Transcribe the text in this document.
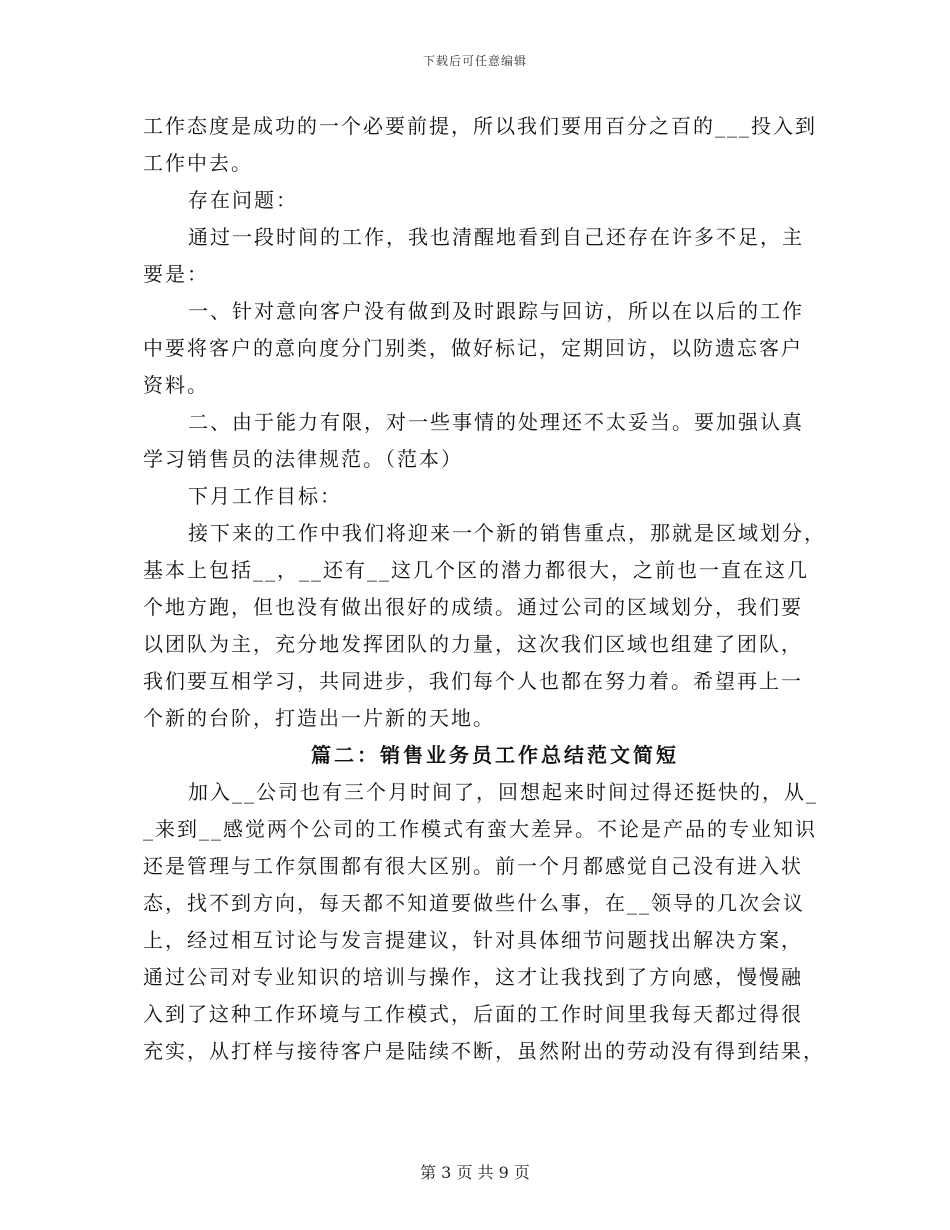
下载后可任意编辑
工作态度是成功的一个必要前提，所以我们要用百分之百的___投入到
工作中去。
存在问题：
通过一段时间的工作，我也清醒地看到自己还存在许多不足，主
要是：
一、针对意向客户没有做到及时跟踪与回访，所以在以后的工作
中要将客户的意向度分门别类，做好标记，定期回访，以防遗忘客户
资料。
二、由于能力有限，对一些事情的处理还不太妥当。要加强认真
学习销售员的法律规范。（范本）
下月工作目标：
接下来的工作中我们将迎来一个新的销售重点，那就是区域划分，
基本上包括__，__还有__这几个区的潜力都很大，之前也一直在这几
个地方跑，但也没有做出很好的成绩。通过公司的区域划分，我们要
以团队为主，充分地发挥团队的力量，这次我们区域也组建了团队，
我们要互相学习，共同进步，我们每个人也都在努力着。希望再上一
个新的台阶，打造出一片新的天地。
篇二：销售业务员工作总结范文简短
加入__公司也有三个月时间了，回想起来时间过得还挺快的，从_
_来到__感觉两个公司的工作模式有蛮大差异。不论是产品的专业知识
还是管理与工作氛围都有很大区别。前一个月都感觉自己没有进入状
态，找不到方向，每天都不知道要做些什么事，在__领导的几次会议
上，经过相互讨论与发言提建议，针对具体细节问题找出解决方案，
通过公司对专业知识的培训与操作，这才让我找到了方向感，慢慢融
入到了这种工作环境与工作模式，后面的工作时间里我每天都过得很
充实，从打样与接待客户是陆续不断，虽然附出的劳动没有得到结果，
第 3 页 共 9 页
